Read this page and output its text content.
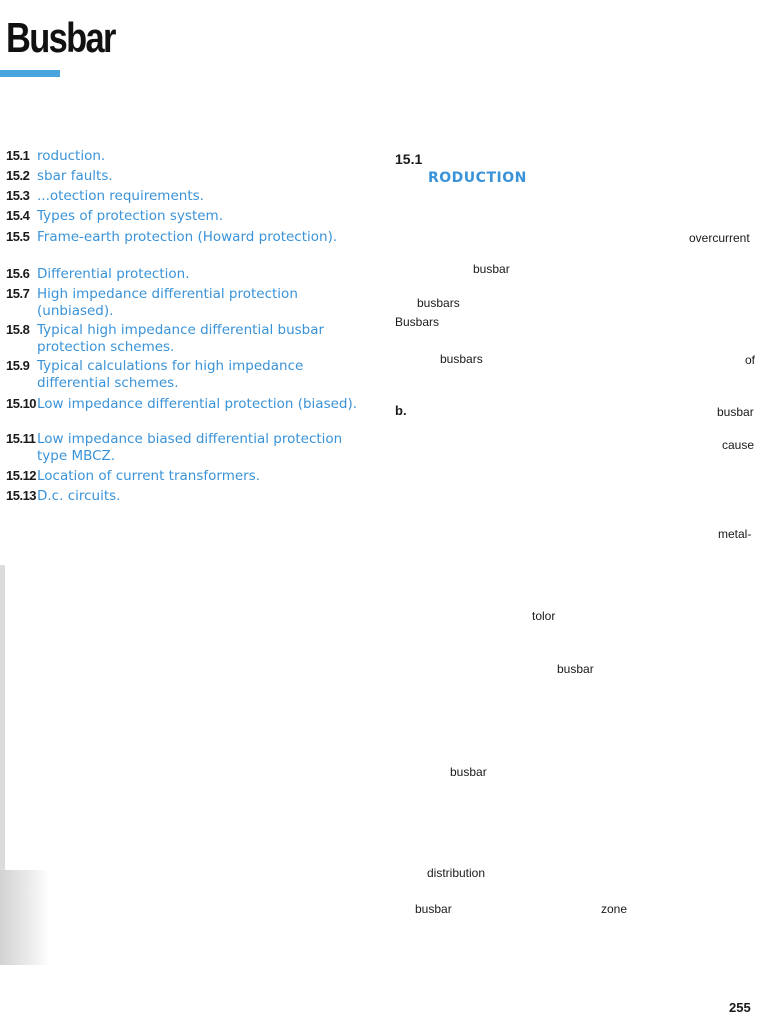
Busbar
15.1 roduction.
15.2 sbar faults.
15.3 ...otection requirements.
15.4 Types of protection system.
15.5 Frame-earth protection (Howard protection).
15.6 Differential protection.
15.7 High impedance differential protection (unbiased).
15.8 Typical high impedance differential busbar protection schemes.
15.9 Typical calculations for high impedance differential schemes.
15.10 Low impedance differential protection (biased).
15.11 Low impedance biased differential protection type MBCZ.
15.12 Location of current transformers.
15.13 D.c. circuits.
15.1
RODUCTION
overcurrent
busbar
busbars
Busbars
busbars	of
b.	busbar
cause
metal-
tolor
busbar
busbar
distribution
busbar	zone
255
